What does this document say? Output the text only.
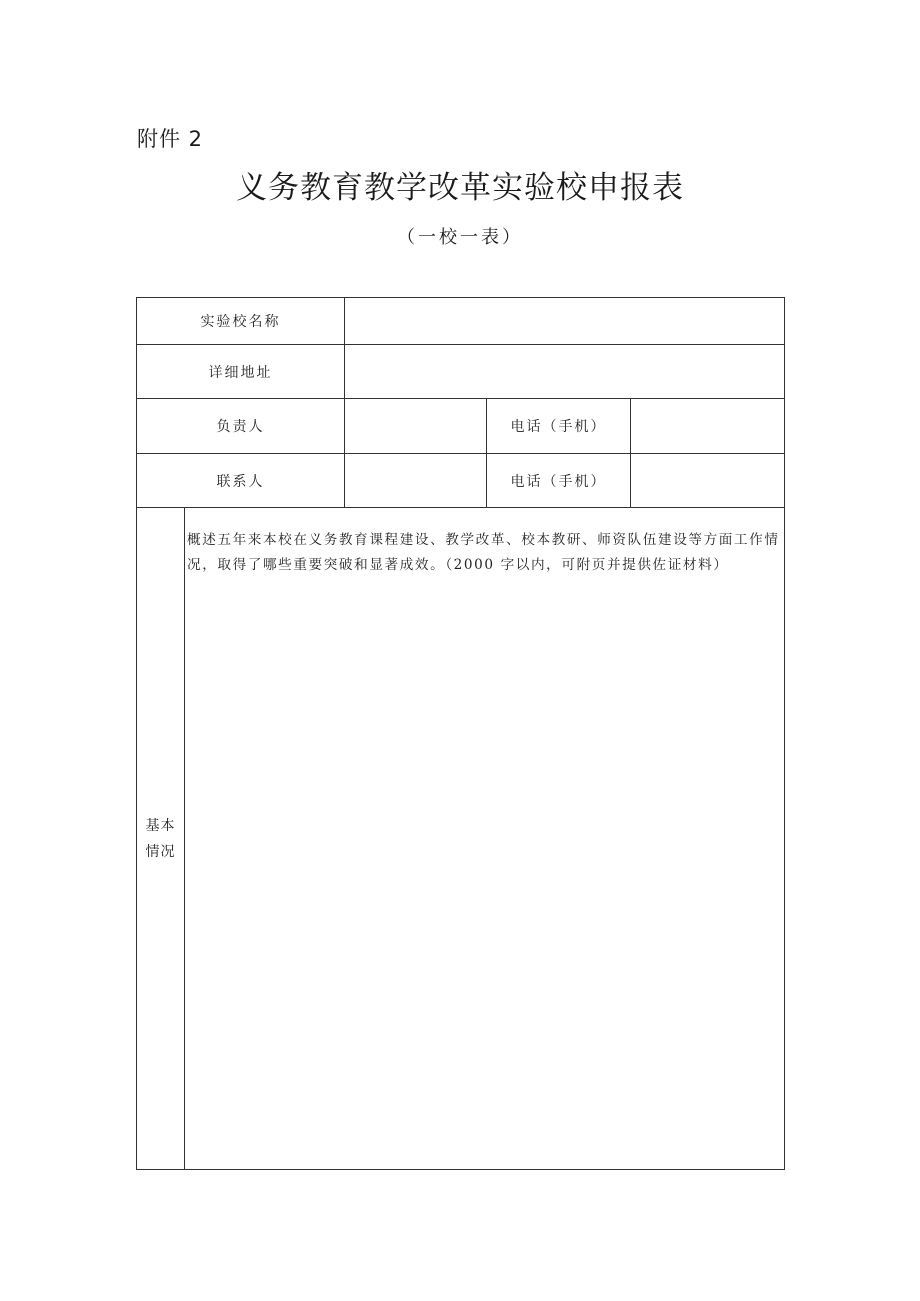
附件 2
义务教育教学改革实验校申报表
（一校一表）
实验校名称				
详细地址				
负责人			电话（手机）	
联系人			电话（手机）	
基本情况	概述五年来本校在义务教育课程建设、教学改革、校本教研、师资队伍建设等方面工作情况，取得了哪些重要突破和显著成效。（2000 字以内，可附页并提供佐证材料）			
